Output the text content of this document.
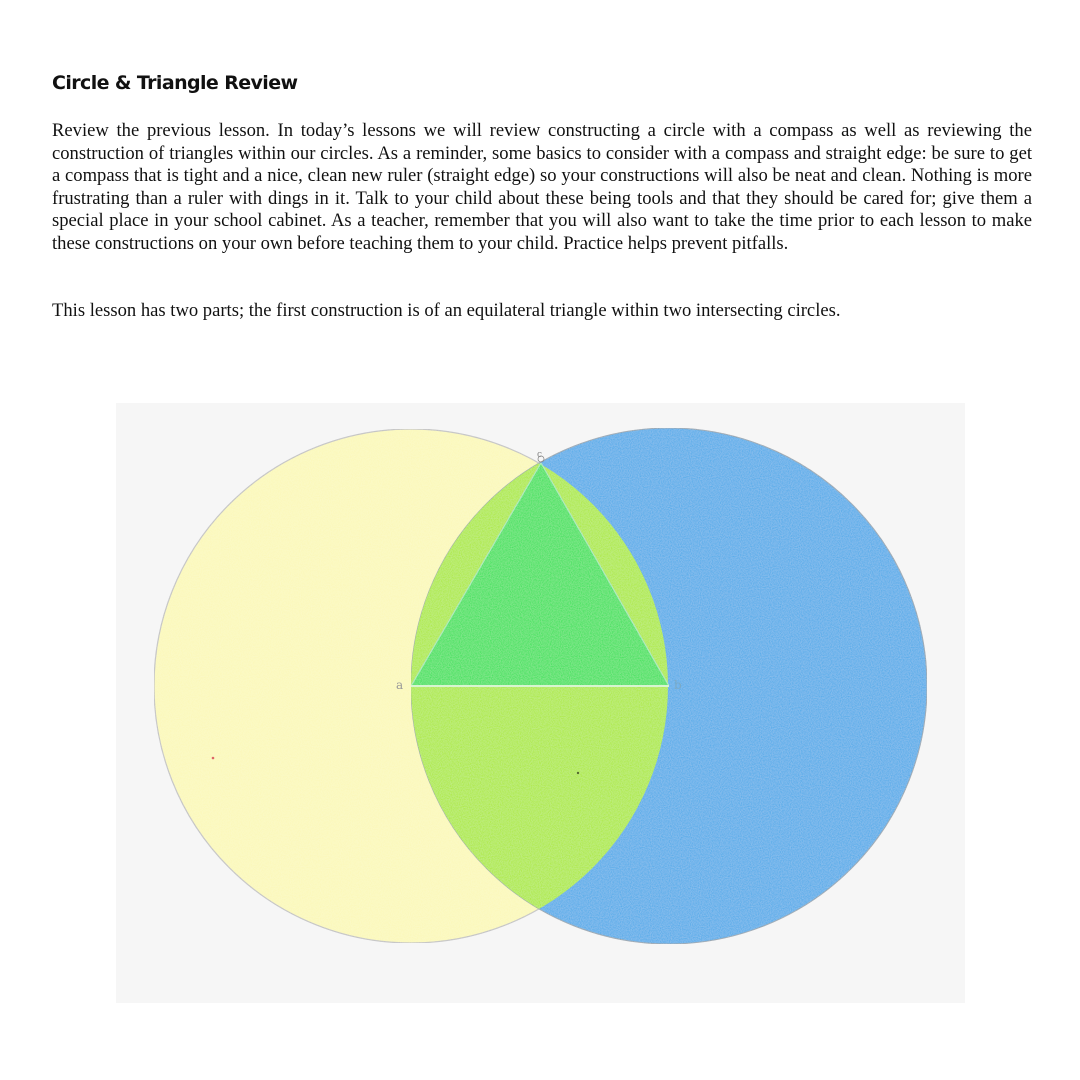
Circle & Triangle Review

Review the previous lesson. In today’s lessons we will review constructing a circle with a compass as well as reviewing the construction of triangles within our circles. As a reminder, some basics to consider with a compass and straight edge: be sure to get a compass that is tight and a nice, clean new ruler (straight edge) so your constructions will also be neat and clean. Nothing is more frustrating than a ruler with dings in it. Talk to your child about these being tools and that they should be cared for; give them a special place in your school cabinet. As a teacher, remember that you will also want to take the time prior to each lesson to make these constructions on your own before teaching them to your child. Practice helps prevent pitfalls.

This lesson has two parts; the first construction is of an equilateral triangle within two intersecting circles.

c
a	b
